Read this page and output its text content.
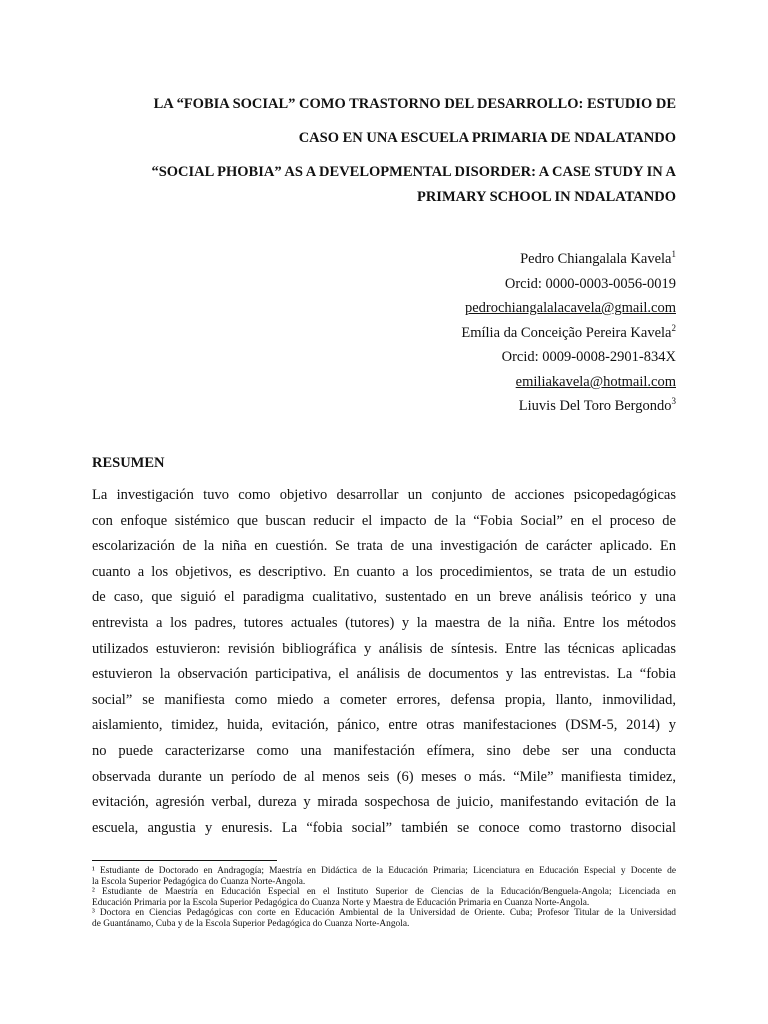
LA “FOBIA SOCIAL” COMO TRASTORNO DEL DESARROLLO: ESTUDIO DE

CASO EN UNA ESCUELA PRIMARIA DE NDALATANDO

“SOCIAL PHOBIA” AS A DEVELOPMENTAL DISORDER: A CASE STUDY IN A

PRIMARY SCHOOL IN NDALATANDO

Pedro Chiangalala Kavela$^1$
Orcid: 0000-0003-0056-0019
pedrochiangalalacavela@gmail.com
Emília da Conceição Pereira Kavela$^2$
Orcid: 0009-0008-2901-834X
emiliakavela@hotmail.com
Liuvis Del Toro Bergondo$^3$
RESUMEN
La investigación tuvo como objetivo desarrollar un conjunto de acciones psicopedagógicas
con enfoque sistémico que buscan reducir el impacto de la “Fobia Social” en el proceso de
escolarización de la niña en cuestión. Se trata de una investigación de carácter aplicado. En
cuanto a los objetivos, es descriptivo. En cuanto a los procedimientos, se trata de un estudio
de caso, que siguió el paradigma cualitativo, sustentado en un breve análisis teórico y una
entrevista a los padres, tutores actuales (tutores) y la maestra de la niña. Entre los métodos
utilizados estuvieron: revisión bibliográfica y análisis de síntesis. Entre las técnicas aplicadas
estuvieron la observación participativa, el análisis de documentos y las entrevistas. La “fobia
social” se manifiesta como miedo a cometer errores, defensa propia, llanto, inmovilidad,
aislamiento, timidez, huida, evitación, pánico, entre otras manifestaciones (DSM-5, 2014) y
no puede caracterizarse como una manifestación efímera, sino debe ser una conducta
observada durante un período de al menos seis (6) meses o más. “Mile” manifiesta timidez,
evitación, agresión verbal, dureza y mirada sospechosa de juicio, manifestando evitación de la
escuela, angustia y enuresis. La “fobia social” también se conoce como trastorno disocial
¹ Estudiante de Doctorado en Andragogía; Maestría en Didáctica de la Educación Primaria; Licenciatura en Educación Especial y Docente de
la Escola Superior Pedagógica do Cuanza Norte-Angola.
² Estudiante de Maestría en Educación Especial en el Instituto Superior de Ciencias de la Educación/Benguela-Angola; Licenciada en
Educación Primaria por la Escola Superior Pedagógica do Cuanza Norte y Maestra de Educación Primaria en Cuanza Norte-Angola.
³ Doctora en Ciencias Pedagógicas con corte en Educación Ambiental de la Universidad de Oriente. Cuba; Profesor Titular de la Universidad
de Guantánamo, Cuba y de la Escola Superior Pedagógica do Cuanza Norte-Angola.
